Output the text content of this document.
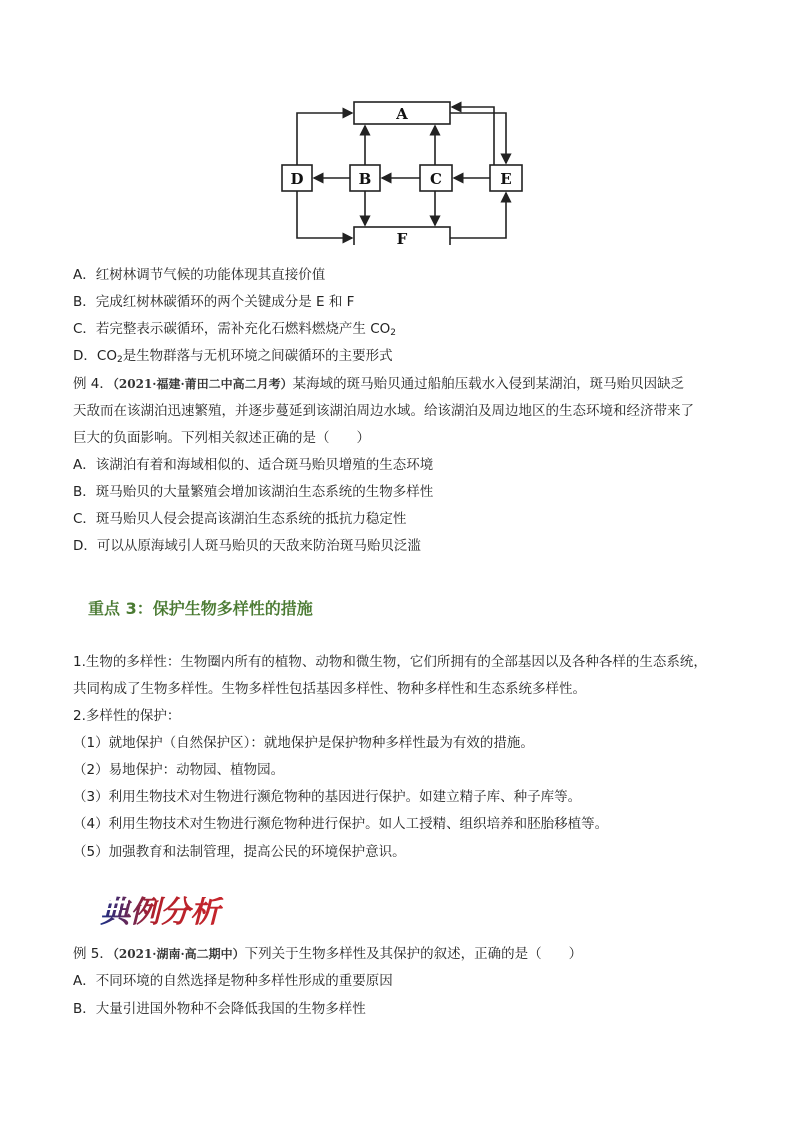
A
B	C
D	E
F
A．红树林调节气候的功能体现其直接价值
B．完成红树林碳循环的两个关键成分是 E 和 F
C．若完整表示碳循环，需补充化石燃料燃烧产生 $CO_2$
D．$CO_2$是生物群落与无机环境之间碳循环的主要形式
例 4．（2021·福建·莆田二中高二月考）某海域的斑马贻贝通过船舶压载水入侵到某湖泊，斑马贻贝因缺乏
天敌而在该湖泊迅速繁殖，并逐步蔓延到该湖泊周边水域。给该湖泊及周边地区的生态环境和经济带来了
巨大的负面影响。下列相关叙述正确的是（　　）
A．该湖泊有着和海域相似的、适合斑马贻贝增殖的生态环境
B．斑马贻贝的大量繁殖会增加该湖泊生态系统的生物多样性
C．斑马贻贝人侵会提高该湖泊生态系统的抵抗力稳定性
D．可以从原海域引人斑马贻贝的天敌来防治斑马贻贝泛滥
重点 3：保护生物多样性的措施
1.生物的多样性：生物圈内所有的植物、动物和微生物，它们所拥有的全部基因以及各种各样的生态系统，
共同构成了生物多样性。生物多样性包括基因多样性、物种多样性和生态系统多样性。
2.多样性的保护：
（1）就地保护（自然保护区）：就地保护是保护物种多样性最为有效的措施。
（2）易地保护：动物园、植物园。
（3）利用生物技术对生物进行濒危物种的基因进行保护。如建立精子库、种子库等。
（4）利用生物技术对生物进行濒危物种进行保护。如人工授精、组织培养和胚胎移植等。
（5）加强教育和法制管理，提高公民的环境保护意识。
典例分析
例 5．（2021·湖南·高二期中）下列关于生物多样性及其保护的叙述，正确的是（　　）
A．不同环境的自然选择是物种多样性形成的重要原因
B．大量引进国外物种不会降低我国的生物多样性
